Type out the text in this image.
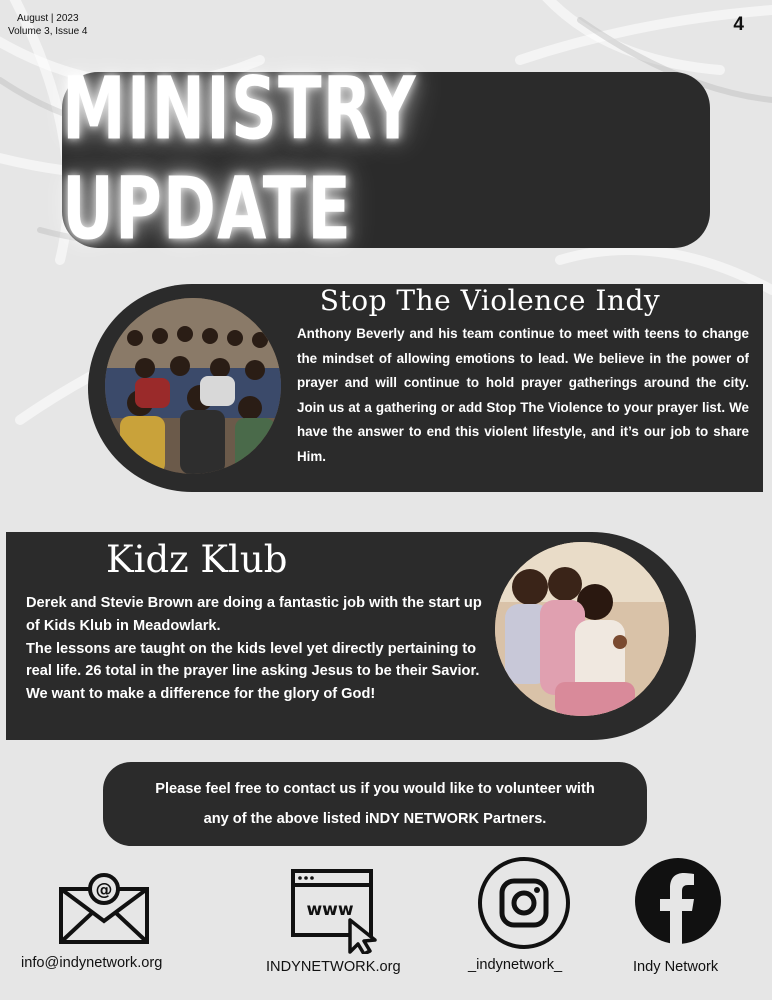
August | 2023
Volume 3, Issue 4	4
MINISTRY UPDATE
Stop The Violence Indy
Anthony Beverly and his team continue to meet with teens to change the mindset of allowing emotions to lead. We believe in the power of prayer and will continue to hold prayer gatherings around the city. Join us at a gathering or add Stop The Violence to your prayer list. We have the answer to end this violent lifestyle, and it’s our job to share Him.
Kidz Klub
Derek and Stevie Brown are doing a fantastic job with the start up of Kids Klub in Meadowlark.
The lessons are taught on the kids level yet directly pertaining to real life. 26 total in the prayer line asking Jesus to be their Savior. We want to make a difference for the glory of God!
Please feel free to contact us if you would like to volunteer with
any of the above listed iNDY NETWORK Partners.
@
info@indynetwork.org
www
INDYNETWORK.org	_indynetwork_	Indy Network
